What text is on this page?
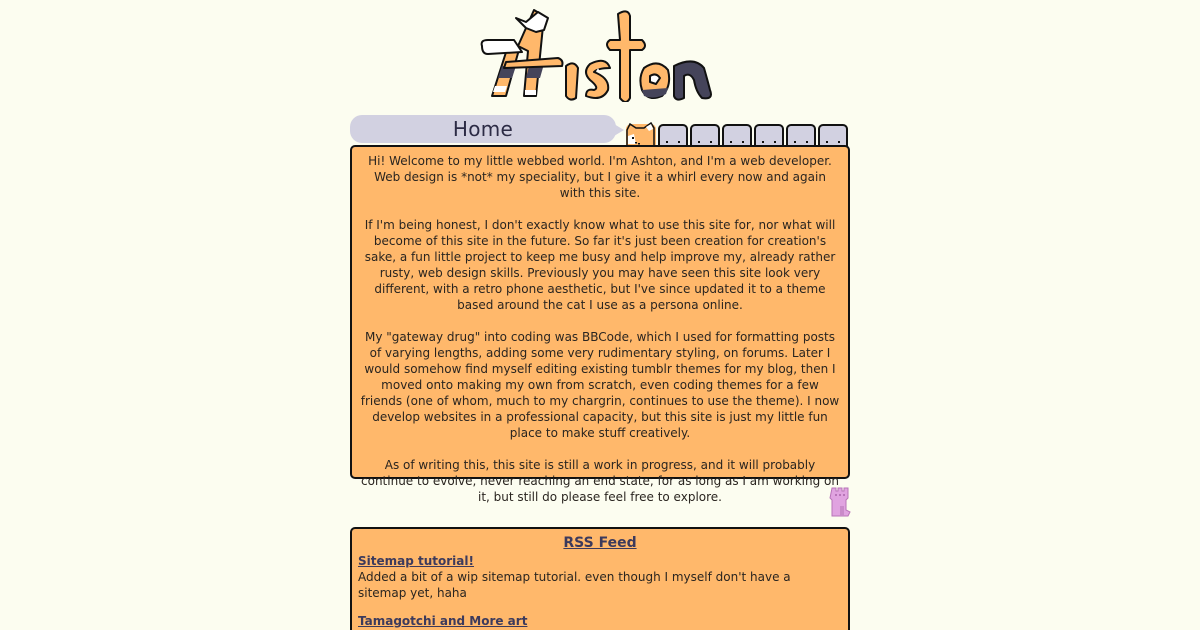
Home

Hi! Welcome to my little webbed world. I'm Ashton, and I'm a web developer. Web design is *not* my speciality, but I give it a whirl every now and again with this site.

If I'm being honest, I don't exactly know what to use this site for, nor what will become of this site in the future. So far it's just been creation for creation's sake, a fun little project to keep me busy and help improve my, already rather rusty, web design skills. Previously you may have seen this site look very different, with a retro phone aesthetic, but I've since updated it to a theme based around the cat I use as a persona online.

My "gateway drug" into coding was BBCode, which I used for formatting posts of varying lengths, adding some very rudimentary styling, on forums. Later I would somehow find myself editing existing tumblr themes for my blog, then I moved onto making my own from scratch, even coding themes for a few friends (one of whom, much to my chargrin, continues to use the theme). I now develop websites in a professional capacity, but this site is just my little fun place to make stuff creatively.

As of writing this, this site is still a work in progress, and it will probably continue to evolve, never reaching an end state, for as long as I am working on it, but still do please feel free to explore.

RSS Feed
Sitemap tutorial!

Added a bit of a wip sitemap tutorial. even though I myself don't have a sitemap yet, haha

Tamagotchi and More art
